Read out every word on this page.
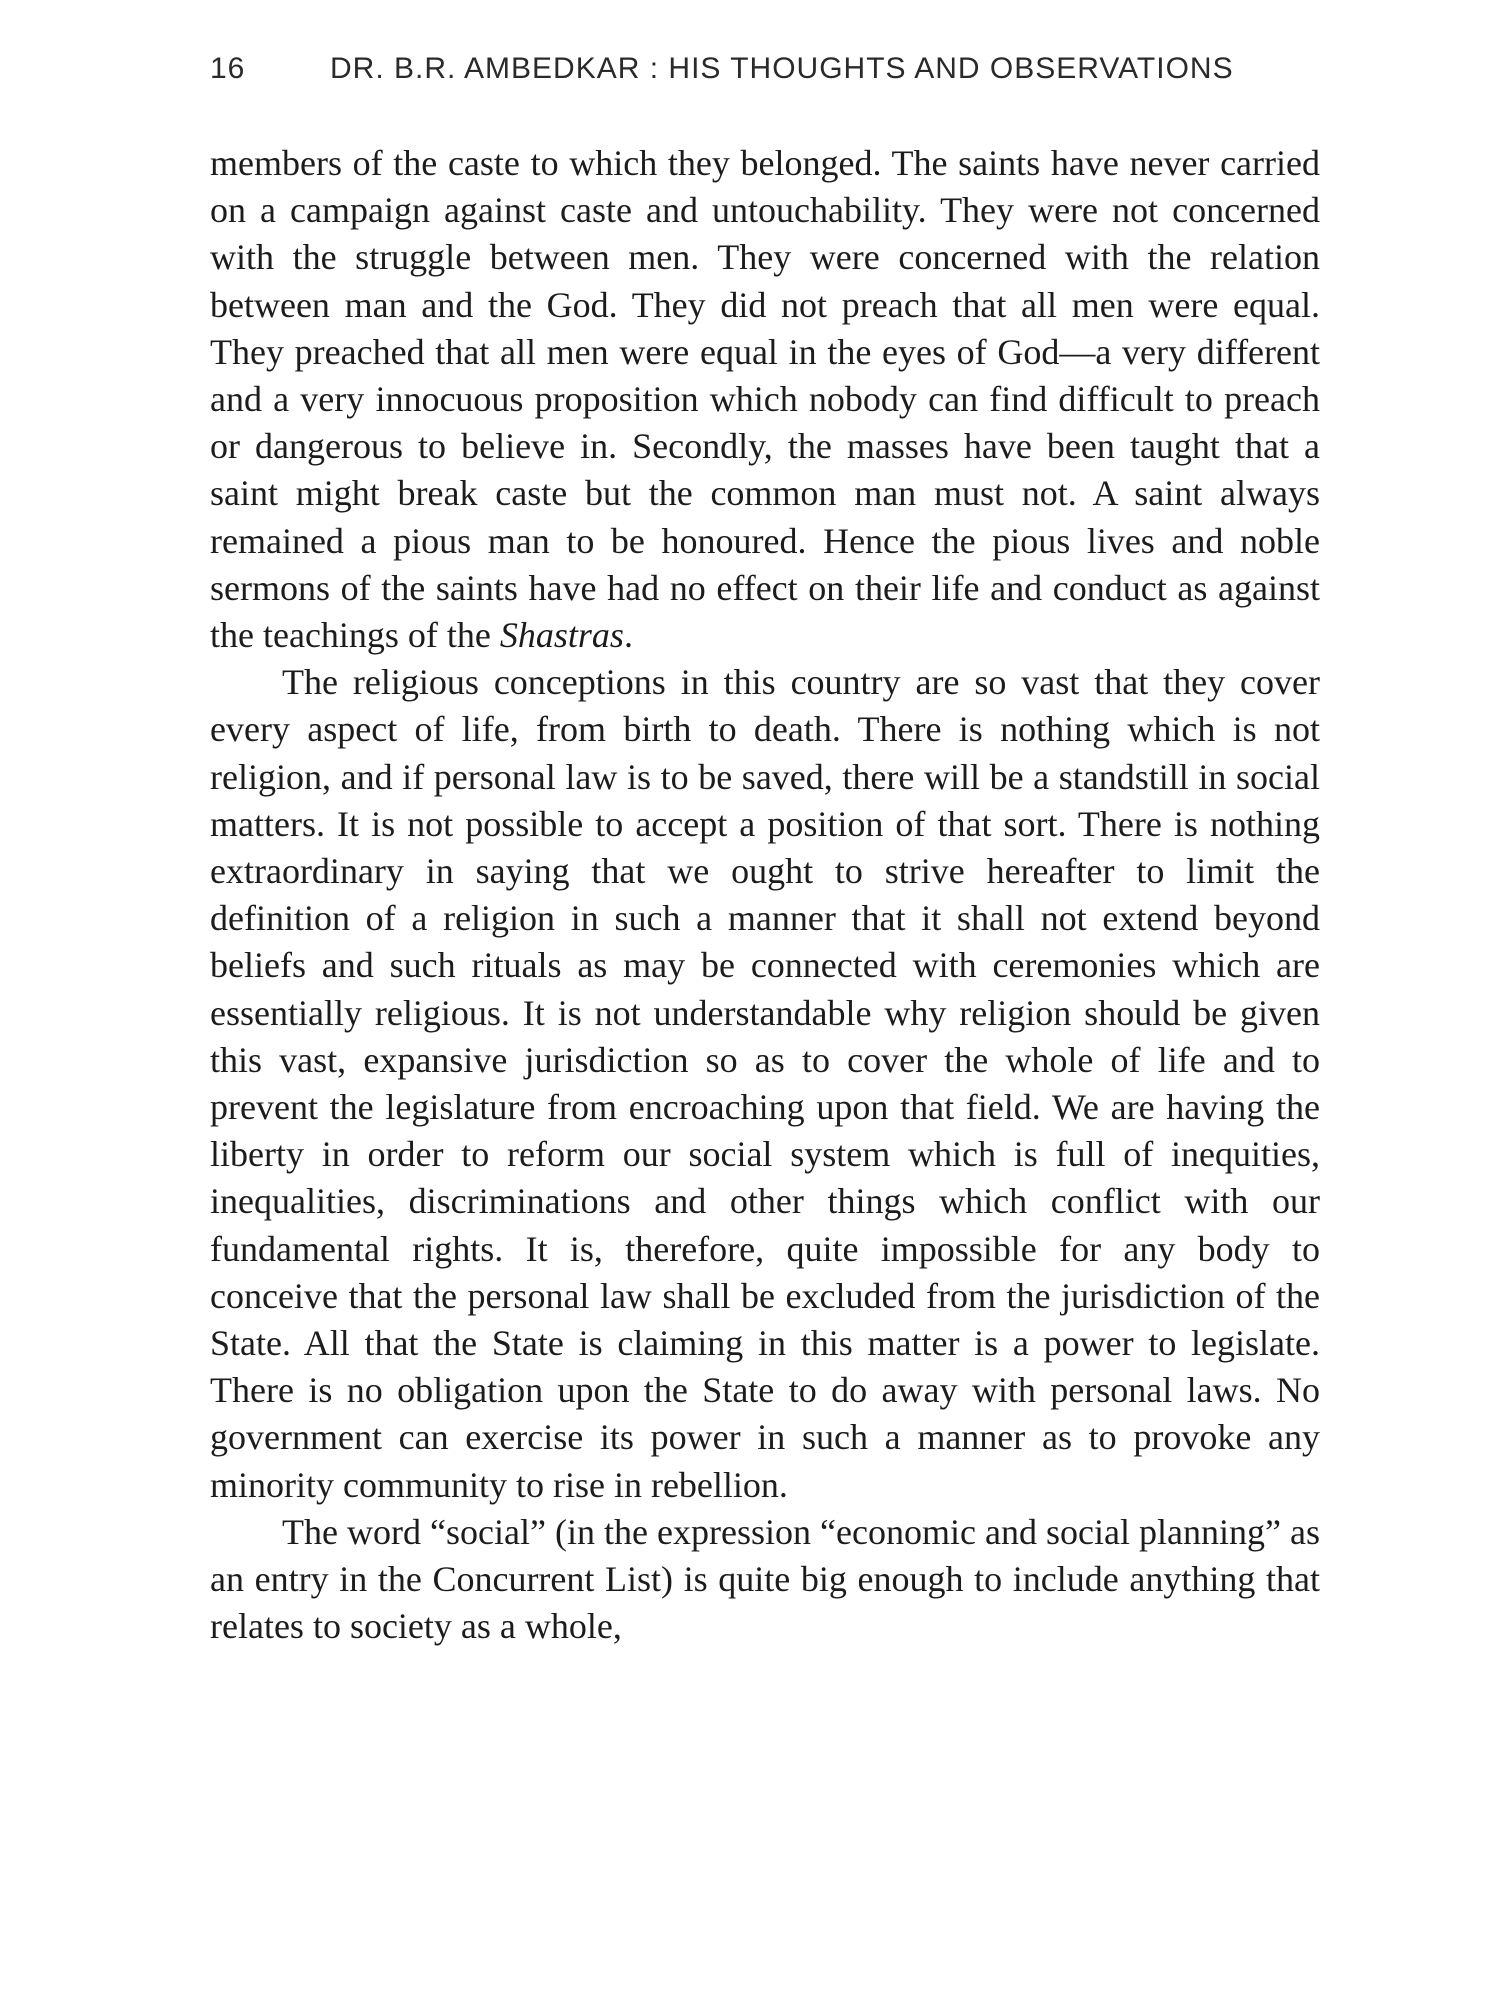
16	DR. B.R. AMBEDKAR : HIS THOUGHTS AND OBSERVATIONS

members of the caste to which they belonged. The saints have never carried on a campaign against caste and untouchability. They were not concerned with the struggle between men. They were concerned with the relation between man and the God. They did not preach that all men were equal. They preached that all men were equal in the eyes of God—a very different and a very innocuous proposition which nobody can find difficult to preach or dangerous to believe in. Secondly, the masses have been taught that a saint might break caste but the common man must not. A saint always remained a pious man to be honoured. Hence the pious lives and noble sermons of the saints have had no effect on their life and conduct as against the teachings of the Shastras.

The religious conceptions in this country are so vast that they cover every aspect of life, from birth to death. There is nothing which is not religion, and if personal law is to be saved, there will be a standstill in social matters. It is not possible to accept a position of that sort. There is nothing extraordinary in saying that we ought to strive hereafter to limit the definition of a religion in such a manner that it shall not extend beyond beliefs and such rituals as may be connected with ceremonies which are essentially religious. It is not understandable why religion should be given this vast, expansive jurisdiction so as to cover the whole of life and to prevent the legislature from encroaching upon that field. We are having the liberty in order to reform our social system which is full of inequities, inequalities, discriminations and other things which conflict with our fundamental rights. It is, therefore, quite impossible for any body to conceive that the personal law shall be excluded from the jurisdiction of the State. All that the State is claiming in this matter is a power to legislate. There is no obligation upon the State to do away with personal laws. No government can exercise its power in such a manner as to provoke any minority community to rise in rebellion.

The word “social” (in the expression “economic and social planning” as an entry in the Concurrent List) is quite big enough to include anything that relates to society as a whole,
